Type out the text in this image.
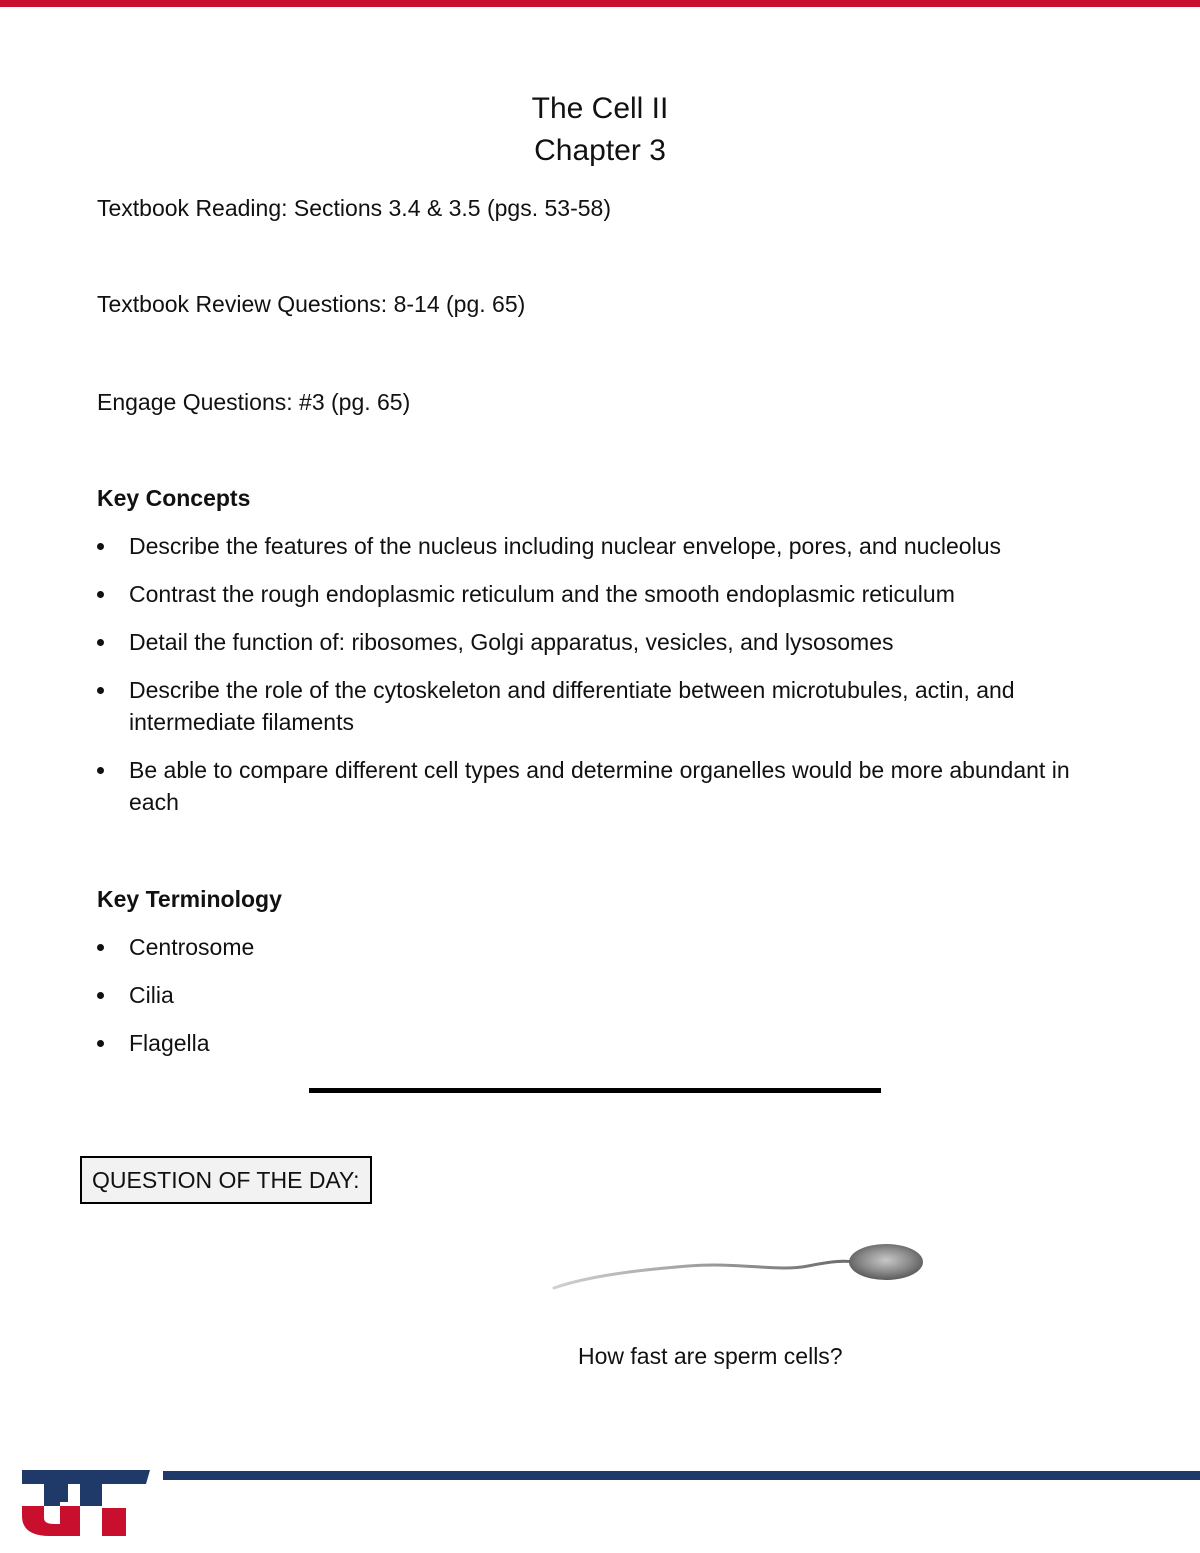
The Cell II
Chapter 3
Textbook Reading: Sections 3.4 & 3.5 (pgs. 53-58)
Textbook Review Questions: 8-14 (pg. 65)
Engage Questions: #3 (pg. 65)
Key Concepts
Describe the features of the nucleus including nuclear envelope, pores, and nucleolus
Contrast the rough endoplasmic reticulum and the smooth endoplasmic reticulum
Detail the function of: ribosomes, Golgi apparatus, vesicles, and lysosomes
Describe the role of the cytoskeleton and differentiate between microtubules, actin, and intermediate filaments
Be able to compare different cell types and determine organelles would be more abundant in each
Key Terminology
Centrosome
Cilia
Flagella
QUESTION OF THE DAY:
How fast are sperm cells?
